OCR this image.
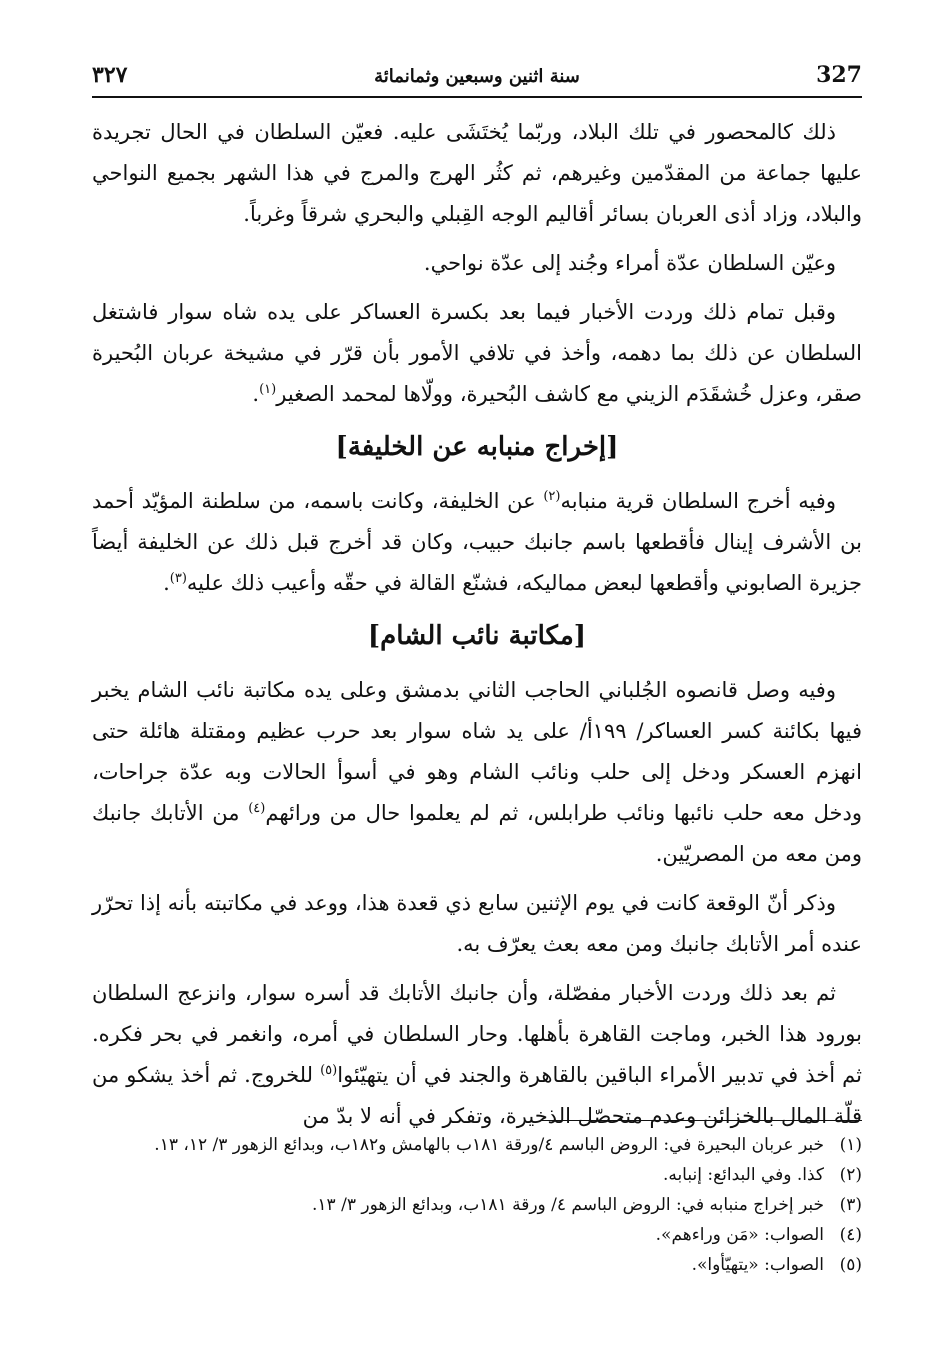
٣٢٧	سنة اثنين وسبعين وثمانمائة	327

ذلك كالمحصور في تلك البلاد، وربّما يُختَشَى عليه. فعيّن السلطان في الحال تجريدة عليها جماعة من المقدّمين وغيرهم، ثم كثُر الهرج والمرج في هذا الشهر بجميع النواحي والبلاد، وزاد أذى العربان بسائر أقاليم الوجه القِبلي والبحري شرقاً وغرباً.

وعيّن السلطان عدّة أمراء وجُند إلى عدّة نواحي.

وقبل تمام ذلك وردت الأخبار فيما بعد بكسرة العساكر على يده شاه سوار فاشتغل السلطان عن ذلك بما دهمه، وأخذ في تلافي الأمور بأن قرّر في مشيخة عربان البُحيرة صقر، وعزل خُشقَدَم الزيني مع كاشف البُحيرة، وولّاها لمحمد الصغير$^{(١)}$.

[إخراج منبابه عن الخليفة]

وفيه أخرج السلطان قرية منبابه$^{(٢)}$ عن الخليفة، وكانت باسمه، من سلطنة المؤيّد أحمد بن الأشرف إينال فأقطعها باسم جانبك حبيب، وكان قد أخرج قبل ذلك عن الخليفة أيضاً جزيرة الصابوني وأقطعها لبعض مماليكه، فشنّع القالة في حقّه وأعيب ذلك عليه$^{(٣)}$.

[مكاتبة نائب الشام]

وفيه وصل قانصوه الجُلباني الحاجب الثاني بدمشق وعلى يده مكاتبة نائب الشام يخبر فيها بكائنة كسر العساكر/ ١٩٩أ/ على يد شاه سوار بعد حرب عظيم ومقتلة هائلة حتى انهزم العسكر ودخل إلى حلب ونائب الشام وهو في أسوأ الحالات وبه عدّة جراحات، ودخل معه حلب نائبها ونائب طرابلس، ثم لم يعلموا حال من ورائهم$^{(٤)}$ من الأتابك جانبك ومن معه من المصريّين.

وذكر أنّ الوقعة كانت في يوم الإثنين سابع ذي قعدة هذا، ووعد في مكاتبته بأنه إذا تحرّر عنده أمر الأتابك جانبك ومن معه بعث يعرّف به.

ثم بعد ذلك وردت الأخبار مفصّلة، وأن جانبك الأتابك قد أسره سوار، وانزعج السلطان بورود هذا الخبر، وماجت القاهرة بأهلها. وحار السلطان في أمره، وانغمر في بحر فكره. ثم أخذ في تدبير الأمراء الباقين بالقاهرة والجند في أن يتهيّئوا$^{(٥)}$ للخروج. ثم أخذ يشكو من قلّة المال بالخزائن وعدم متحصّل الذخيرة، وتفكر في أنه لا بدّ من

(١)
خبر عربان البحيرة في: الروض الباسم ٤/ورقة ١٨١ب بالهامش و١٨٢ب، وبدائع الزهور ٣/ ١٢، ١٣.
(٢)
كذا. وفي البدائع: إنبابه.
(٣)
خبر إخراج منبابه في: الروض الباسم ٤/ ورقة ١٨١ب، وبدائع الزهور ٣/ ١٣.
(٤)
الصواب: «مَن وراءهم».
(٥)
الصواب: «يتهيّأوا».
